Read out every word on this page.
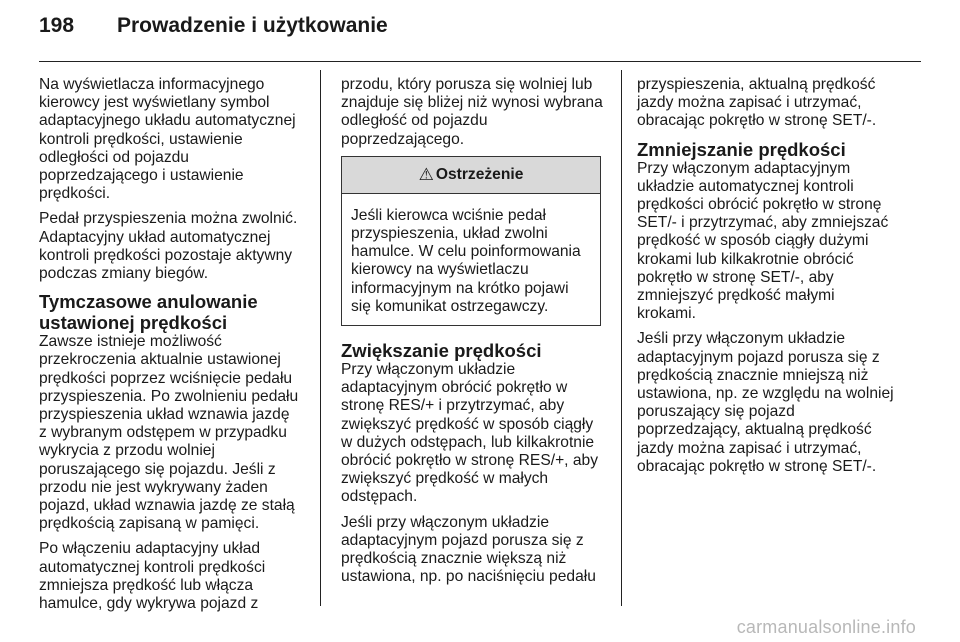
198 Prowadzenie i użytkowanie
Na wyświetlacza informacyjnego
kierowcy jest wyświetlany symbol
adaptacyjnego układu automatycznej
kontroli prędkości, ustawienie
odległości od pojazdu
poprzedzającego i ustawienie
prędkości.
Pedał przyspieszenia można zwolnić.
Adaptacyjny układ automatycznej
kontroli prędkości pozostaje aktywny
podczas zmiany biegów.
Tymczasowe anulowanie
ustawionej prędkości
Zawsze istnieje możliwość
przekroczenia aktualnie ustawionej
prędkości poprzez wciśnięcie pedału
przyspieszenia. Po zwolnieniu pedału
przyspieszenia układ wznawia jazdę
z wybranym odstępem w przypadku
wykrycia z przodu wolniej
poruszającego się pojazdu. Jeśli z
przodu nie jest wykrywany żaden
pojazd, układ wznawia jazdę ze stałą
prędkością zapisaną w pamięci.
Po włączeniu adaptacyjny układ
automatycznej kontroli prędkości
zmniejsza prędkość lub włącza
hamulce, gdy wykrywa pojazd z
przodu, który porusza się wolniej lub
znajduje się bliżej niż wynosi wybrana
odległość od pojazdu
poprzedzającego.
⚠ Ostrzeżenie
Jeśli kierowca wciśnie pedał
przyspieszenia, układ zwolni
hamulce. W celu poinformowania
kierowcy na wyświetlaczu
informacyjnym na krótko pojawi
się komunikat ostrzegawczy.
Zwiększanie prędkości
Przy włączonym układzie
adaptacyjnym obrócić pokrętło w
stronę RES/+ i przytrzymać, aby
zwiększyć prędkość w sposób ciągły
w dużych odstępach, lub kilkakrotnie
obrócić pokrętło w stronę RES/+, aby
zwiększyć prędkość w małych
odstępach.
Jeśli przy włączonym układzie
adaptacyjnym pojazd porusza się z
prędkością znacznie większą niż
ustawiona, np. po naciśnięciu pedału
przyspieszenia, aktualną prędkość
jazdy można zapisać i utrzymać,
obracając pokrętło w stronę SET/-.
Zmniejszanie prędkości
Przy włączonym adaptacyjnym
układzie automatycznej kontroli
prędkości obrócić pokrętło w stronę
SET/- i przytrzymać, aby zmniejszać
prędkość w sposób ciągły dużymi
krokami lub kilkakrotnie obrócić
pokrętło w stronę SET/-, aby
zmniejszyć prędkość małymi
krokami.
Jeśli przy włączonym układzie
adaptacyjnym pojazd porusza się z
prędkością znacznie mniejszą niż
ustawiona, np. ze względu na wolniej
poruszający się pojazd
poprzedzający, aktualną prędkość
jazdy można zapisać i utrzymać,
obracając pokrętło w stronę SET/-.
carmanualsonline.info
